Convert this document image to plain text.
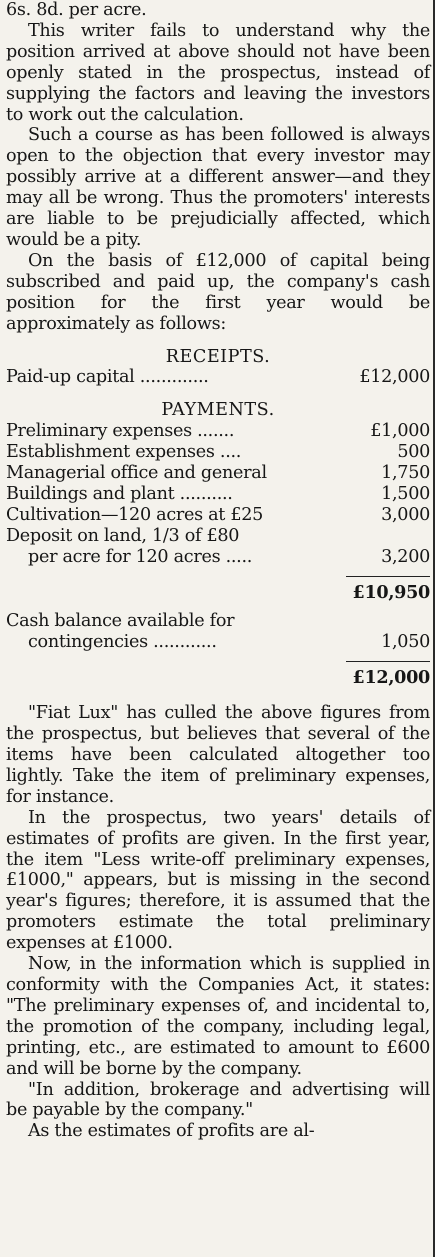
6s. 8d. per acre.

This writer fails to understand why the position arrived at above should not have been openly stated in the prospectus, instead of supplying the factors and leaving the investors to work out the calculation.

Such a course as has been followed is always open to the objection that every investor may possibly arrive at a different answer—and they may all be wrong. Thus the promoters' interests are liable to be prejudicially affected, which would be a pity.

On the basis of £12,000 of capital being subscribed and paid up, the company's cash position for the first year would be approximately as follows:

RECEIPTS.
Paid-up capital .............	£12,000
PAYMENTS.
Preliminary expenses .......	£1,000
Establishment expenses ....	500
Managerial office and general	1,750
Buildings and plant ..........	1,500
Cultivation—120 acres at £25	3,000
Deposit on land, 1/3 of £80
per acre for 120 acres .....	3,200
£10,950
Cash balance available for
contingencies ............	1,050
£12,000

"Fiat Lux" has culled the above figures from the prospectus, but believes that several of the items have been calculated altogether too lightly. Take the item of preliminary expenses, for instance.

In the prospectus, two years' details of estimates of profits are given. In the first year, the item "Less write-off preliminary expenses, £1000," appears, but is missing in the second year's figures; therefore, it is assumed that the promoters estimate the total preliminary expenses at £1000.

Now, in the information which is supplied in conformity with the Companies Act, it states: "The preliminary expenses of, and incidental to, the promotion of the company, including legal, printing, etc., are estimated to amount to £600 and will be borne by the company.

"In addition, brokerage and advertising will be payable by the company."

As the estimates of profits are al-
